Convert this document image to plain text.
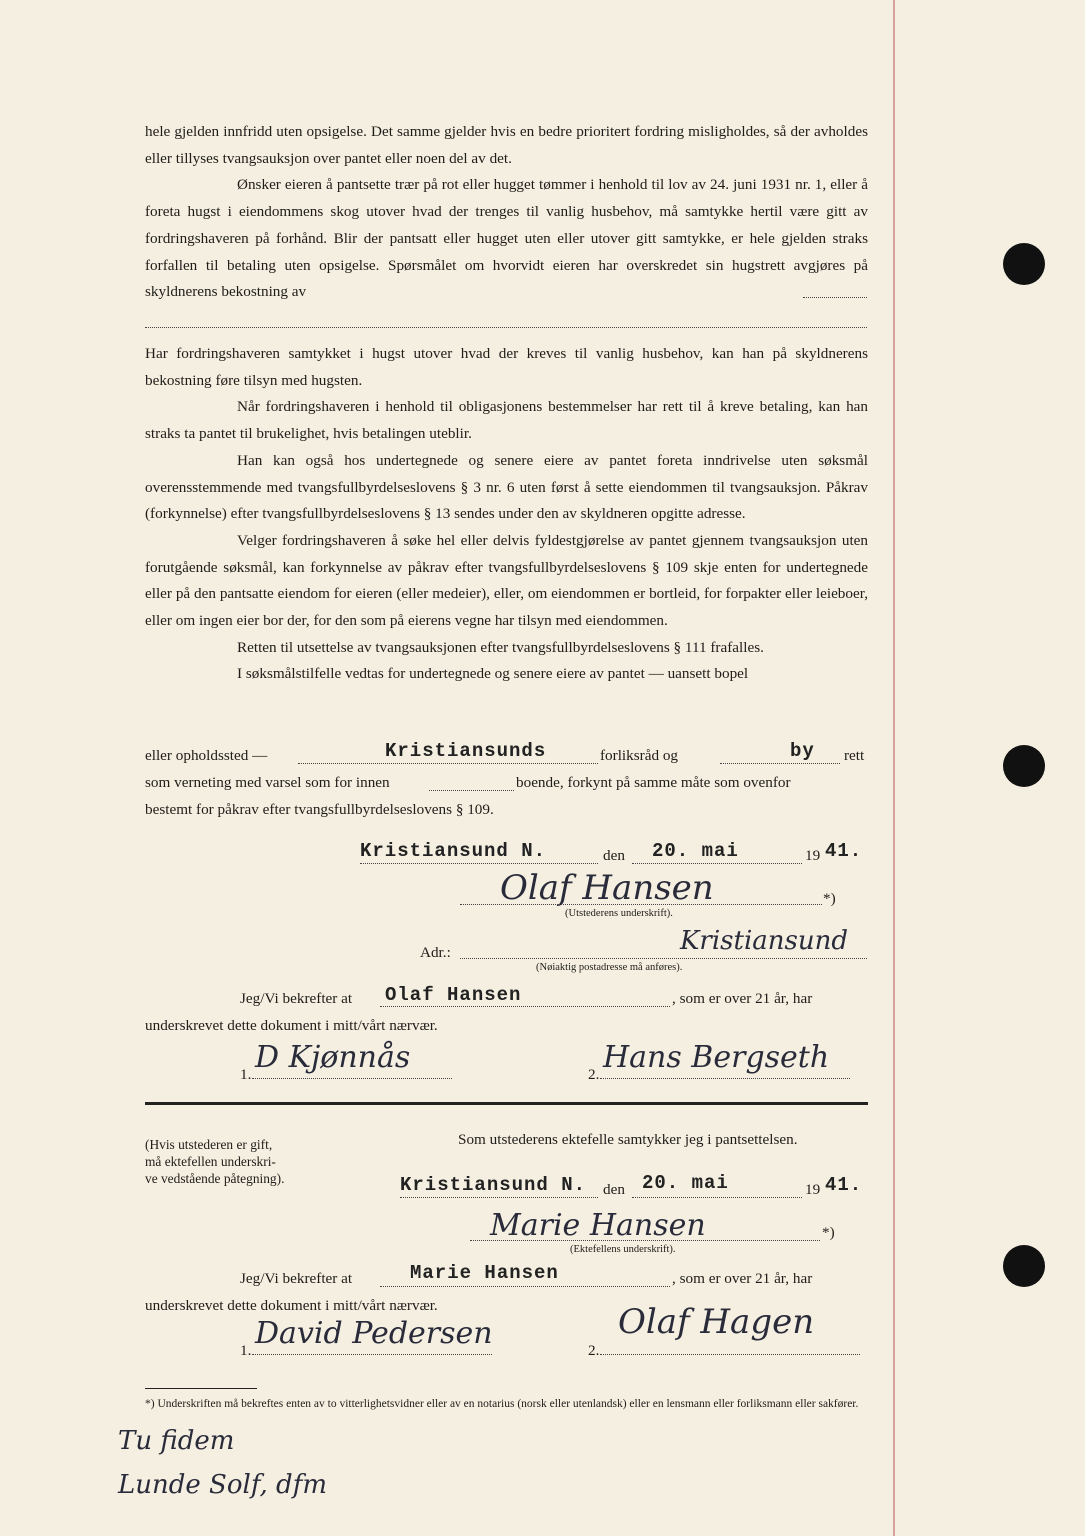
hele gjelden innfridd uten opsigelse. Det samme gjelder hvis en bedre prioritert fordring misligholdes, så der avholdes eller tillyses tvangsauksjon over pantet eller noen del av det.

Ønsker eieren å pantsette trær på rot eller hugget tømmer i henhold til lov av 24. juni 1931 nr. 1, eller å foreta hugst i eiendommens skog utover hvad der trenges til vanlig husbehov, må samtykke hertil være gitt av fordringshaveren på forhånd. Blir der pantsatt eller hugget uten eller utover gitt samtykke, er hele gjelden straks forfallen til betaling uten opsigelse. Spørsmålet om hvorvidt eieren har overskredet sin hugstrett avgjøres på skyldnerens bekostning av

Har fordringshaveren samtykket i hugst utover hvad der kreves til vanlig husbehov, kan han på skyldnerens bekostning føre tilsyn med hugsten.

Når fordringshaveren i henhold til obligasjonens bestemmelser har rett til å kreve betaling, kan han straks ta pantet til brukelighet, hvis betalingen uteblir.

Han kan også hos undertegnede og senere eiere av pantet foreta inndrivelse uten søksmål overensstemmende med tvangsfullbyrdelseslovens § 3 nr. 6 uten først å sette eiendommen til tvangsauksjon. Påkrav (forkynnelse) efter tvangsfullbyrdelseslovens § 13 sendes under den av skyldneren opgitte adresse.

Velger fordringshaveren å søke hel eller delvis fyldestgjørelse av pantet gjennem tvangsauksjon uten forutgående søksmål, kan forkynnelse av påkrav efter tvangsfullbyrdelseslovens § 109 skje enten for undertegnede eller på den pantsatte eiendom for eieren (eller medeier), eller, om eiendommen er bortleid, for forpakter eller leieboer, eller om ingen eier bor der, for den som på eierens vegne har tilsyn med eiendommen.

Retten til utsettelse av tvangsauksjonen efter tvangsfullbyrdelseslovens § 111 frafalles.

I søksmålstilfelle vedtas for undertegnede og senere eiere av pantet — uansett bopel

eller opholdssted —	Kristiansunds	forliksråd og	by rett
som verneting med varsel som for innen	boende, forkynt på samme måte som ovenfor
bestemt for påkrav efter tvangsfullbyrdelseslovens § 109.
Kristiansund N.	den 20. mai	19 41.
Olaf Hansen	*)
(Utstederens underskrift).
Adr.:	Kristiansund
(Nøiaktig postadresse må anføres).
Jeg/Vi bekrefter at Olaf Hansen	, som er over 21 år, har
underskrevet dette dokument i mitt/vårt nærvær.
1. D Kjønnås	2. Hans Bergseth
(Hvis utstederen er gift,
må ektefellen underskri-
ve vedstående påtegning).
Som utstederens ektefelle samtykker jeg i pantsettelsen.
Kristiansund N. den 20. mai	19 41.
Marie Hansen	*)
(Ektefellens underskrift).
Jeg/Vi bekrefter at	Marie Hansen	, som er over 21 år, har
underskrevet dette dokument i mitt/vårt nærvær.
1. David Pedersen	2.
Olaf Hagen
*) Underskriften må bekreftes enten av to vitterlighetsvidner eller av en notarius (norsk eller utenlandsk) eller en lensmann eller forliksmann eller sakfører.
Tu fidem
Lunde Solf, dfm
